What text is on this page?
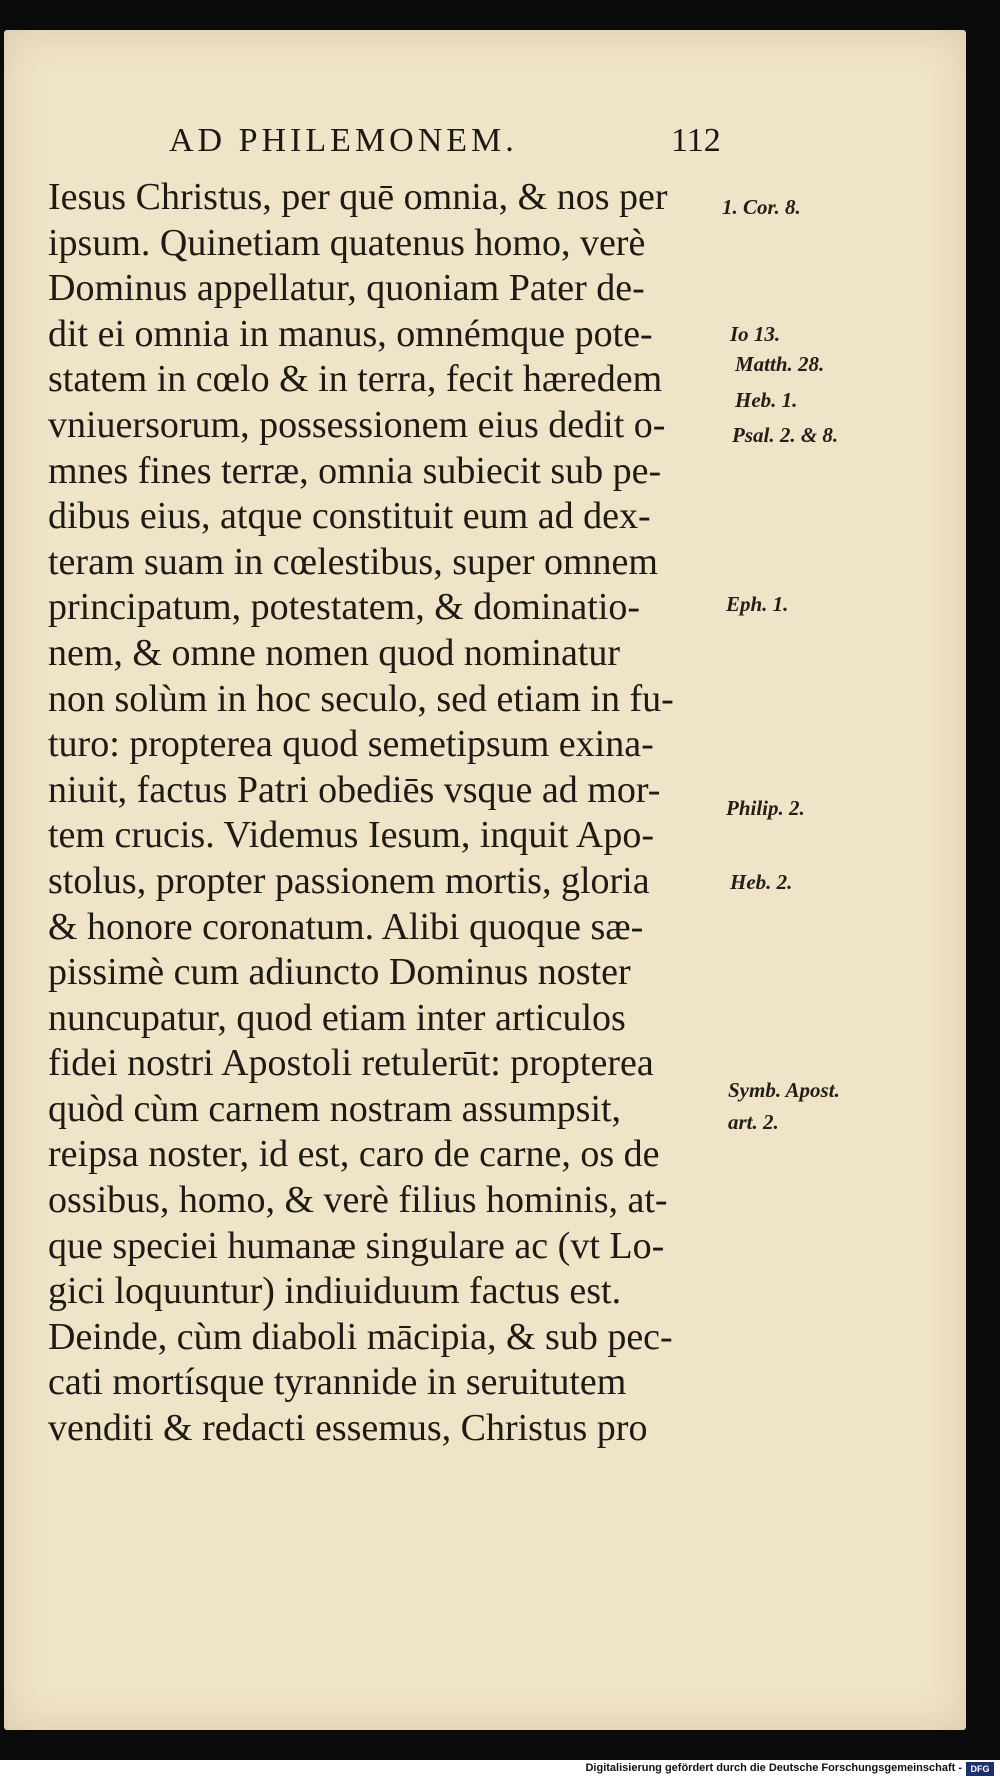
AD PHILEMONEM.	112
Iesus Christus, per quē omnia, & nos per
ipsum. Quinetiam quatenus homo, verè
Dominus appellatur, quoniam Pater de-
dit ei omnia in manus, omnémque pote-
statem in cœlo & in terra, fecit hæredem
vniuersorum, possessionem eius dedit o-
mnes fines terræ, omnia subiecit sub pe-
dibus eius, atque constituit eum ad dex-
teram suam in cœlestibus, super omnem
principatum, potestatem, & dominatio-
nem, & omne nomen quod nominatur
non solùm in hoc seculo, sed etiam in fu-
turo: propterea quod semetipsum exina-
niuit, factus Patri obediēs vsque ad mor-
tem crucis. Videmus Iesum, inquit Apo-
stolus, propter passionem mortis, gloria
& honore coronatum. Alibi quoque sæ-
pissimè cum adiuncto Dominus noster
nuncupatur, quod etiam inter articulos
fidei nostri Apostoli retulerūt: propterea
quòd cùm carnem nostram assumpsit,
reipsa noster, id est, caro de carne, os de
ossibus, homo, & verè filius hominis, at-
que speciei humanæ singulare ac (vt Lo-
gici loquuntur) indiuiduum factus est.
Deinde, cùm diaboli mācipia, & sub pec-
cati mortísque tyrannide in seruitutem
venditi & redacti essemus, Christus pro
1. Cor. 8.
Io 13.
Matth. 28.
Heb. 1.
Psal. 2. & 8.
Eph. 1.
Philip. 2.
Heb. 2.
Symb. Apost.
art. 2.
Digitalisierung gefördert durch die Deutsche Forschungsgemeinschaft - DFG
